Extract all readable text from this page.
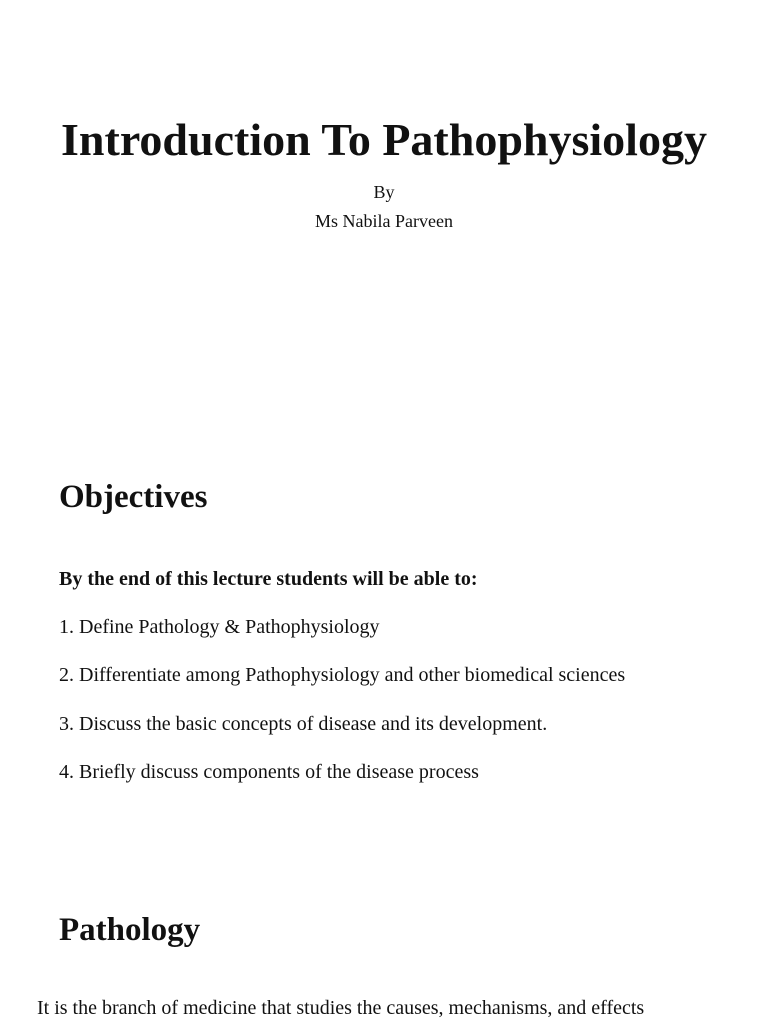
Introduction To Pathophysiology
By
Ms Nabila Parveen
Objectives
By the end of this lecture students will be able to:
1. Define Pathology & Pathophysiology
2. Differentiate among Pathophysiology and other biomedical sciences
3. Discuss the basic concepts of disease and its development.
4. Briefly discuss components of the disease process
Pathology
It is the branch of medicine that studies the causes, mechanisms, and effects
